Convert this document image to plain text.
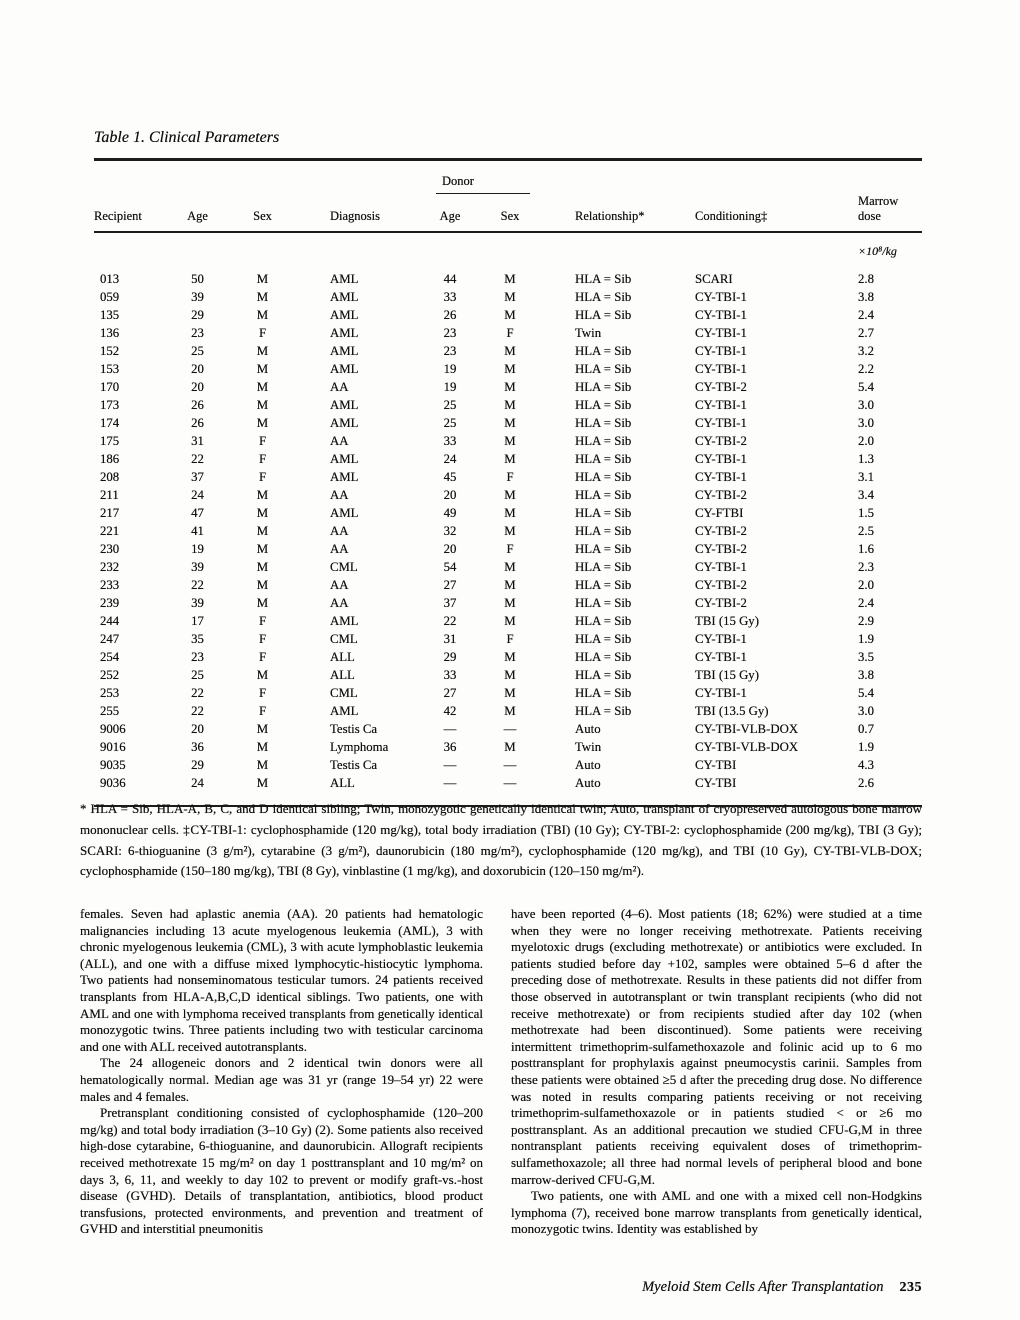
Table 1. Clinical Parameters

				Donor				
Recipient	Age	Sex	Diagnosis	Age	Sex	Relationship*	Conditioning‡	Marrow dose
								×10⁸/kg
013	50	M	AML	44	M	HLA = Sib	SCARI	2.8
059	39	M	AML	33	M	HLA = Sib	CY-TBI-1	3.8
135	29	M	AML	26	M	HLA = Sib	CY-TBI-1	2.4
136	23	F	AML	23	F	Twin	CY-TBI-1	2.7
152	25	M	AML	23	M	HLA = Sib	CY-TBI-1	3.2
153	20	M	AML	19	M	HLA = Sib	CY-TBI-1	2.2
170	20	M	AA	19	M	HLA = Sib	CY-TBI-2	5.4
173	26	M	AML	25	M	HLA = Sib	CY-TBI-1	3.0
174	26	M	AML	25	M	HLA = Sib	CY-TBI-1	3.0
175	31	F	AA	33	M	HLA = Sib	CY-TBI-2	2.0
186	22	F	AML	24	M	HLA = Sib	CY-TBI-1	1.3
208	37	F	AML	45	F	HLA = Sib	CY-TBI-1	3.1
211	24	M	AA	20	M	HLA = Sib	CY-TBI-2	3.4
217	47	M	AML	49	M	HLA = Sib	CY-FTBI	1.5
221	41	M	AA	32	M	HLA = Sib	CY-TBI-2	2.5
230	19	M	AA	20	F	HLA = Sib	CY-TBI-2	1.6
232	39	M	CML	54	M	HLA = Sib	CY-TBI-1	2.3
233	22	M	AA	27	M	HLA = Sib	CY-TBI-2	2.0
239	39	M	AA	37	M	HLA = Sib	CY-TBI-2	2.4
244	17	F	AML	22	M	HLA = Sib	TBI (15 Gy)	2.9
247	35	F	CML	31	F	HLA = Sib	CY-TBI-1	1.9
254	23	F	ALL	29	M	HLA = Sib	CY-TBI-1	3.5
252	25	M	ALL	33	M	HLA = Sib	TBI (15 Gy)	3.8
253	22	F	CML	27	M	HLA = Sib	CY-TBI-1	5.4
255	22	F	AML	42	M	HLA = Sib	TBI (13.5 Gy)	3.0
9006	20	M	Testis Ca	—	—	Auto	CY-TBI-VLB-DOX	0.7
9016	36	M	Lymphoma	36	M	Twin	CY-TBI-VLB-DOX	1.9
9035	29	M	Testis Ca	—	—	Auto	CY-TBI	4.3
9036	24	M	ALL	—	—	Auto	CY-TBI	2.6

* HLA = Sib, HLA-A, B, C, and D identical sibling; Twin, monozygotic genetically identical twin; Auto, transplant of cryopreserved autologous bone marrow mononuclear cells. ‡CY-TBI-1: cyclophosphamide (120 mg/kg), total body irradiation (TBI) (10 Gy); CY-TBI-2: cyclophosphamide (200 mg/kg), TBI (3 Gy); SCARI: 6-thioguanine (3 g/m²), cytarabine (3 g/m²), daunorubicin (180 mg/m²), cyclophosphamide (120 mg/kg), and TBI (10 Gy), CY-TBI-VLB-DOX; cyclophosphamide (150–180 mg/kg), TBI (8 Gy), vinblastine (1 mg/kg), and doxorubicin (120–150 mg/m²).

females. Seven had aplastic anemia (AA). 20 patients had hematologic malignancies including 13 acute myelogenous leukemia (AML), 3 with chronic myelogenous leukemia (CML), 3 with acute lymphoblastic leukemia (ALL), and one with a diffuse mixed lymphocytic-histiocytic lymphoma. Two patients had nonseminomatous testicular tumors. 24 patients received transplants from HLA-A,B,C,D identical siblings. Two patients, one with AML and one with lymphoma received transplants from genetically identical monozygotic twins. Three patients including two with testicular carcinoma and one with ALL received autotransplants.

The 24 allogeneic donors and 2 identical twin donors were all hematologically normal. Median age was 31 yr (range 19–54 yr) 22 were males and 4 females.

Pretransplant conditioning consisted of cyclophosphamide (120–200 mg/kg) and total body irradiation (3–10 Gy) (2). Some patients also received high-dose cytarabine, 6-thioguanine, and daunorubicin. Allograft recipients received methotrexate 15 mg/m² on day 1 posttransplant and 10 mg/m² on days 3, 6, 11, and weekly to day 102 to prevent or modify graft-vs.-host disease (GVHD). Details of transplantation, antibiotics, blood product transfusions, protected environments, and prevention and treatment of GVHD and interstitial pneumonitis

have been reported (4–6). Most patients (18; 62%) were studied at a time when they were no longer receiving methotrexate. Patients receiving myelotoxic drugs (excluding methotrexate) or antibiotics were excluded. In patients studied before day +102, samples were obtained 5–6 d after the preceding dose of methotrexate. Results in these patients did not differ from those observed in autotransplant or twin transplant recipients (who did not receive methotrexate) or from recipients studied after day 102 (when methotrexate had been discontinued). Some patients were receiving intermittent trimethoprim-sulfamethoxazole and folinic acid up to 6 mo posttransplant for prophylaxis against pneumocystis carinii. Samples from these patients were obtained ≥5 d after the preceding drug dose. No difference was noted in results comparing patients receiving or not receiving trimethoprim-sulfamethoxazole or in patients studied < or ≥6 mo posttransplant. As an additional precaution we studied CFU-G,M in three nontransplant patients receiving equivalent doses of trimethoprim-sulfamethoxazole; all three had normal levels of peripheral blood and bone marrow-derived CFU-G,M.

Two patients, one with AML and one with a mixed cell non-Hodgkins lymphoma (7), received bone marrow transplants from genetically identical, monozygotic twins. Identity was established by

Myeloid Stem Cells After Transplantation 235
